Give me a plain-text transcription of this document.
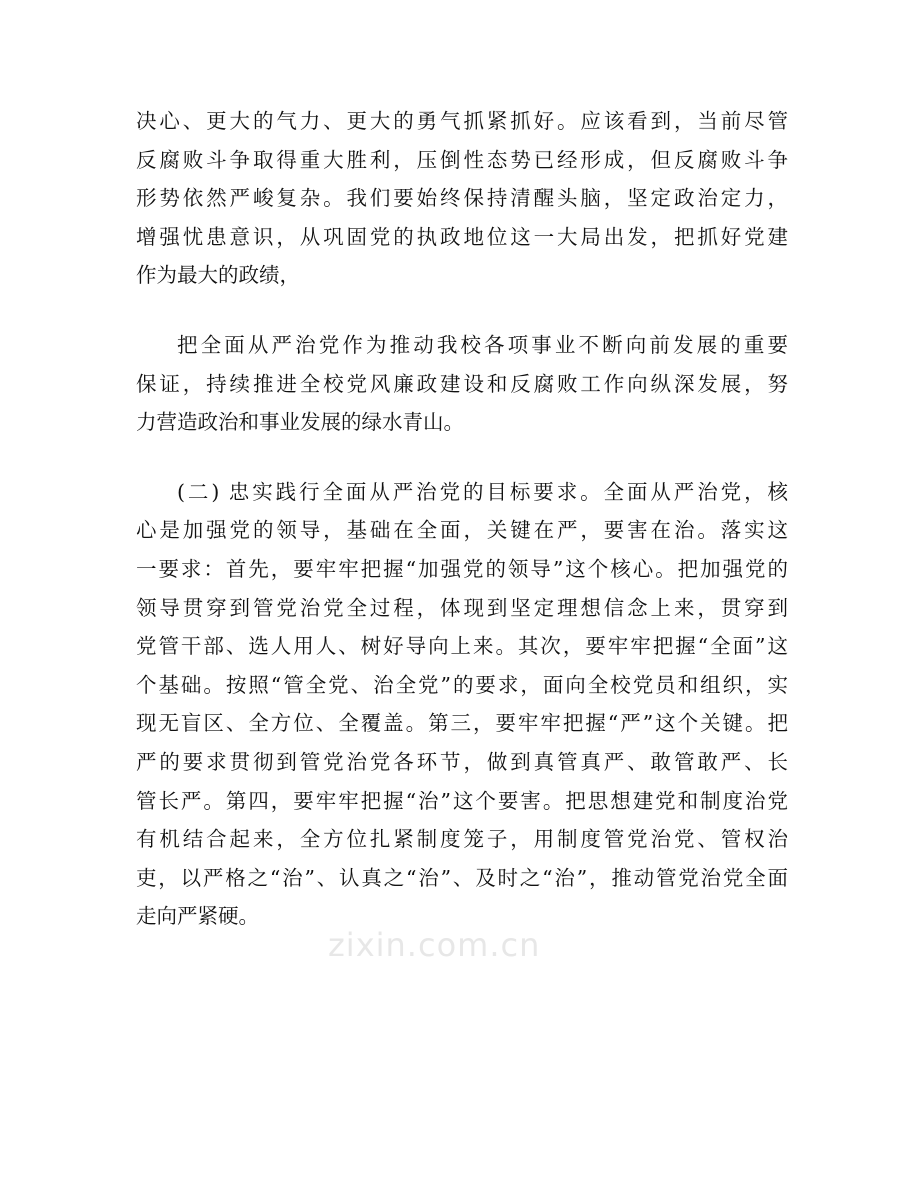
决心、更大的气力、更大的勇气抓紧抓好。应该看到，当前尽管
反腐败斗争取得重大胜利，压倒性态势已经形成，但反腐败斗争
形势依然严峻复杂。我们要始终保持清醒头脑，坚定政治定力，
增强忧患意识，从巩固党的执政地位这一大局出发，把抓好党建
作为最大的政绩，
把全面从严治党作为推动我校各项事业不断向前发展的重要
保证，持续推进全校党风廉政建设和反腐败工作向纵深发展，努
力营造政治和事业发展的绿水青山。
(二) 忠实践行全面从严治党的目标要求。全面从严治党，核
心是加强党的领导，基础在全面，关键在严，要害在治。落实这
一要求：首先，要牢牢把握“加强党的领导”这个核心。把加强党的
领导贯穿到管党治党全过程，体现到坚定理想信念上来，贯穿到
党管干部、选人用人、树好导向上来。其次，要牢牢把握“全面”这
个基础。按照“管全党、治全党”的要求，面向全校党员和组织，实
现无盲区、全方位、全覆盖。第三，要牢牢把握“严”这个关键。把
严的要求贯彻到管党治党各环节，做到真管真严、敢管敢严、长
管长严。第四，要牢牢把握“治”这个要害。把思想建党和制度治党
有机结合起来，全方位扎紧制度笼子，用制度管党治党、管权治
吏，以严格之“治”、认真之“治”、及时之“治”，推动管党治党全面
走向严紧硬。
zixin.com.cn
